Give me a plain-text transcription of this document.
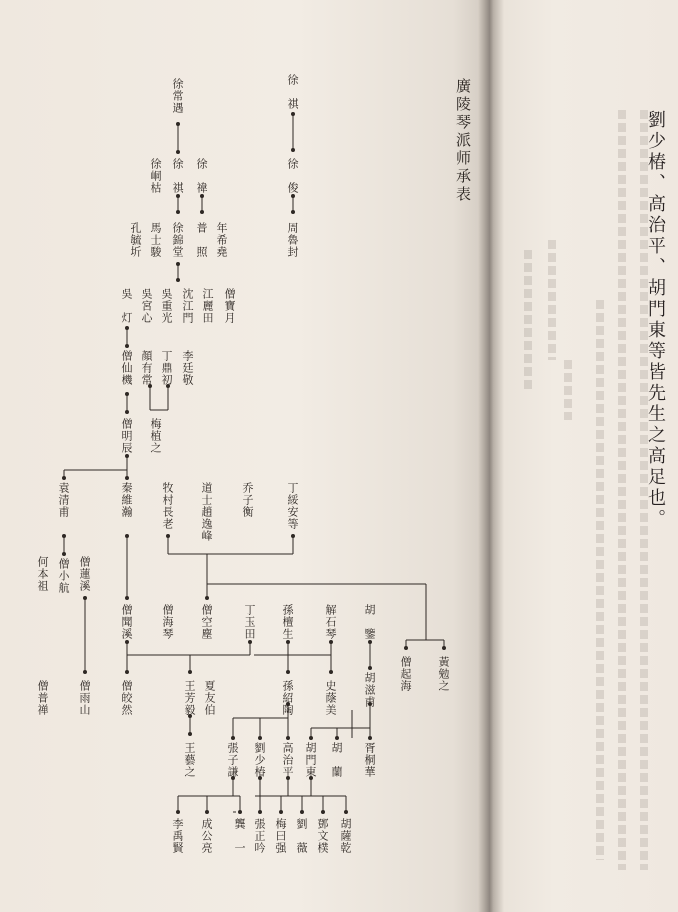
劉少椿、高治平、胡門東等皆先生之高足也。
廣陵琴派师承表
徐　祺
徐　俊
周魯封
徐常遇
徐　禕
徐　祺
徐峒枯
普　照 年希堯
徐錦堂
馬士駿
孔毓圻
僧寶月
江麗田
沈江門
吳重光
吳宮心
吳　灯
李廷敬
丁鼎初
顏有常
僧仙機
梅植之
僧明辰
袁清甫	秦維瀚	牧村長老 道士趙逸峰	乔子衡	丁綏安等
僧小航
何本祖	僧蓮溪
僧聞溪	僧海琴 僧空塵	丁玉田 孫檀生	解石琴 胡　鑒
僧起海 黃勉之
僧普禅	僧雨山	僧皎然	王芳毅 夏友伯	孫紹陶	史蔭美 胡滋甫
王藝之	張子謙 劉少椿 高治平 胡門東 胡　蘭 胥桐華
李禹賢 成公亮 龔　一 張正吟 梅曰强 劉　薇 鄧文樸 胡薩乾
